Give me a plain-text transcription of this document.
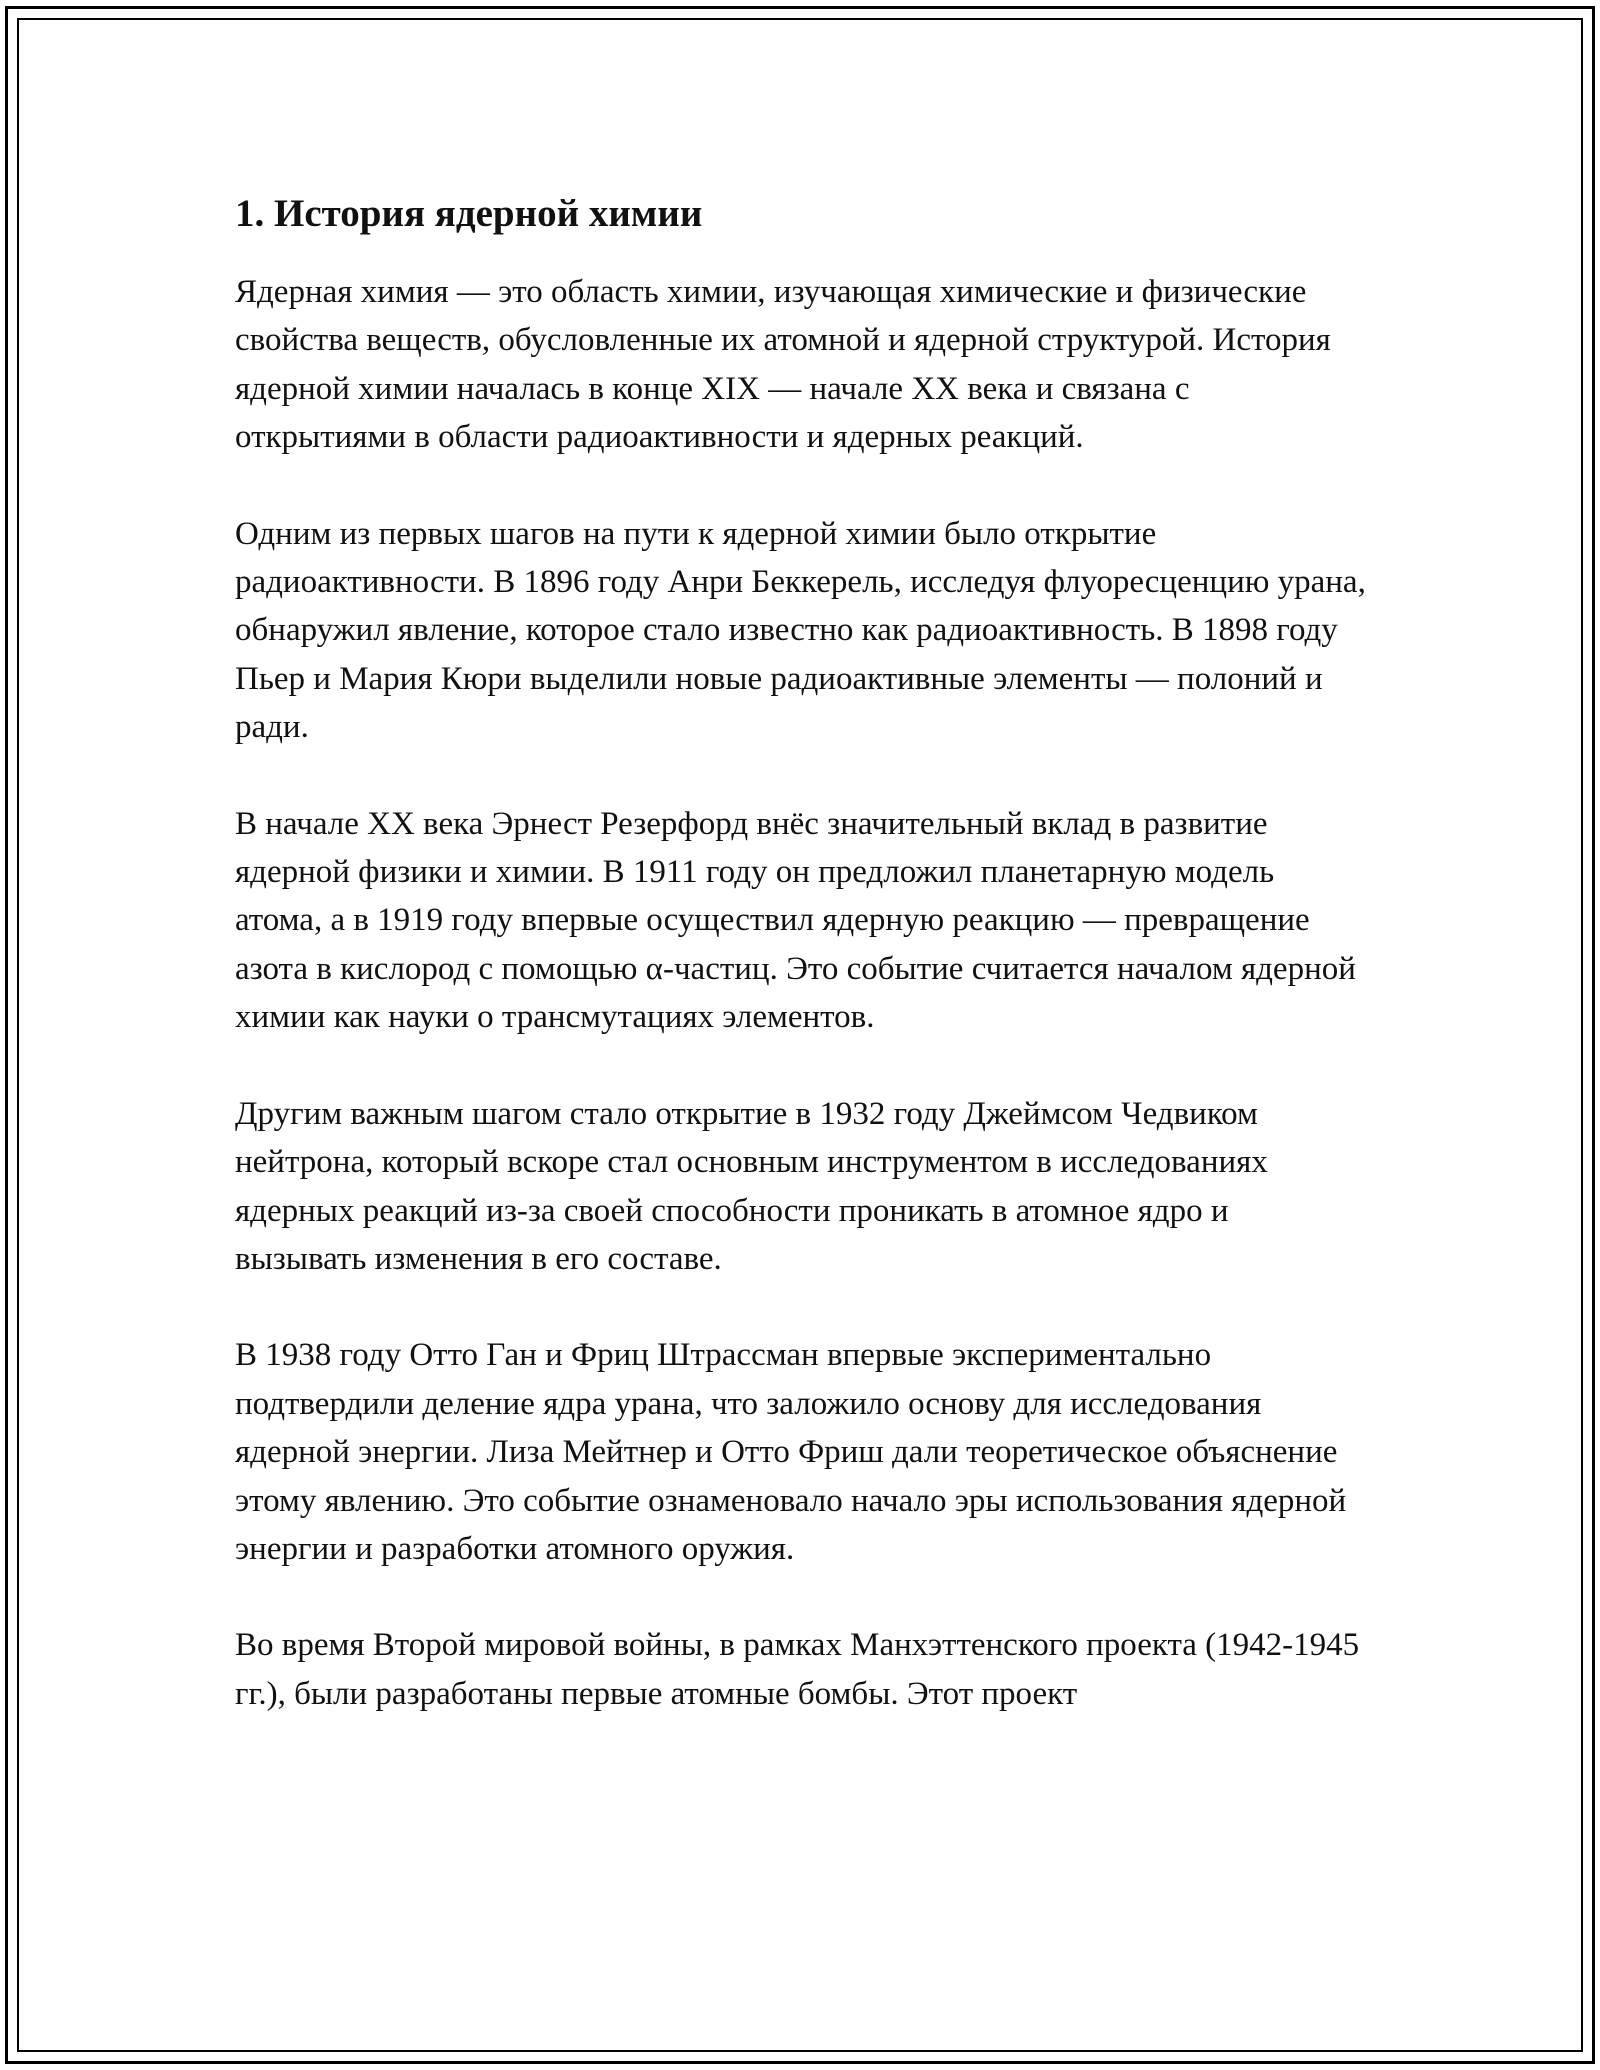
1. История ядерной химии

Ядерная химия — это область химии, изучающая химические и физические свойства веществ, обусловленные их атомной и ядерной структурой. История ядерной химии началась в конце XIX — начале XX века и связана с открытиями в области радиоактивности и ядерных реакций.

Одним из первых шагов на пути к ядерной химии было открытие радиоактивности. В 1896 году Анри Беккерель, исследуя флуоресценцию урана, обнаружил явление, которое стало известно как радиоактивность. В 1898 году Пьер и Мария Кюри выделили новые радиоактивные элементы — полоний и ради.

В начале XX века Эрнест Резерфорд внёс значительный вклад в развитие ядерной физики и химии. В 1911 году он предложил планетарную модель атома, а в 1919 году впервые осуществил ядерную реакцию — превращение азота в кислород с помощью α-частиц. Это событие считается началом ядерной химии как науки о трансмутациях элементов.

Другим важным шагом стало открытие в 1932 году Джеймсом Чедвиком нейтрона, который вскоре стал основным инструментом в исследованиях ядерных реакций из-за своей способности проникать в атомное ядро и вызывать изменения в его составе.

В 1938 году Отто Ган и Фриц Штрассман впервые экспериментально подтвердили деление ядра урана, что заложило основу для исследования ядерной энергии. Лиза Мейтнер и Отто Фриш дали теоретическое объяснение этому явлению. Это событие ознаменовало начало эры использования ядерной энергии и разработки атомного оружия.

Во время Второй мировой войны, в рамках Манхэттенского проекта (1942-1945 гг.), были разработаны первые атомные бомбы. Этот проект
